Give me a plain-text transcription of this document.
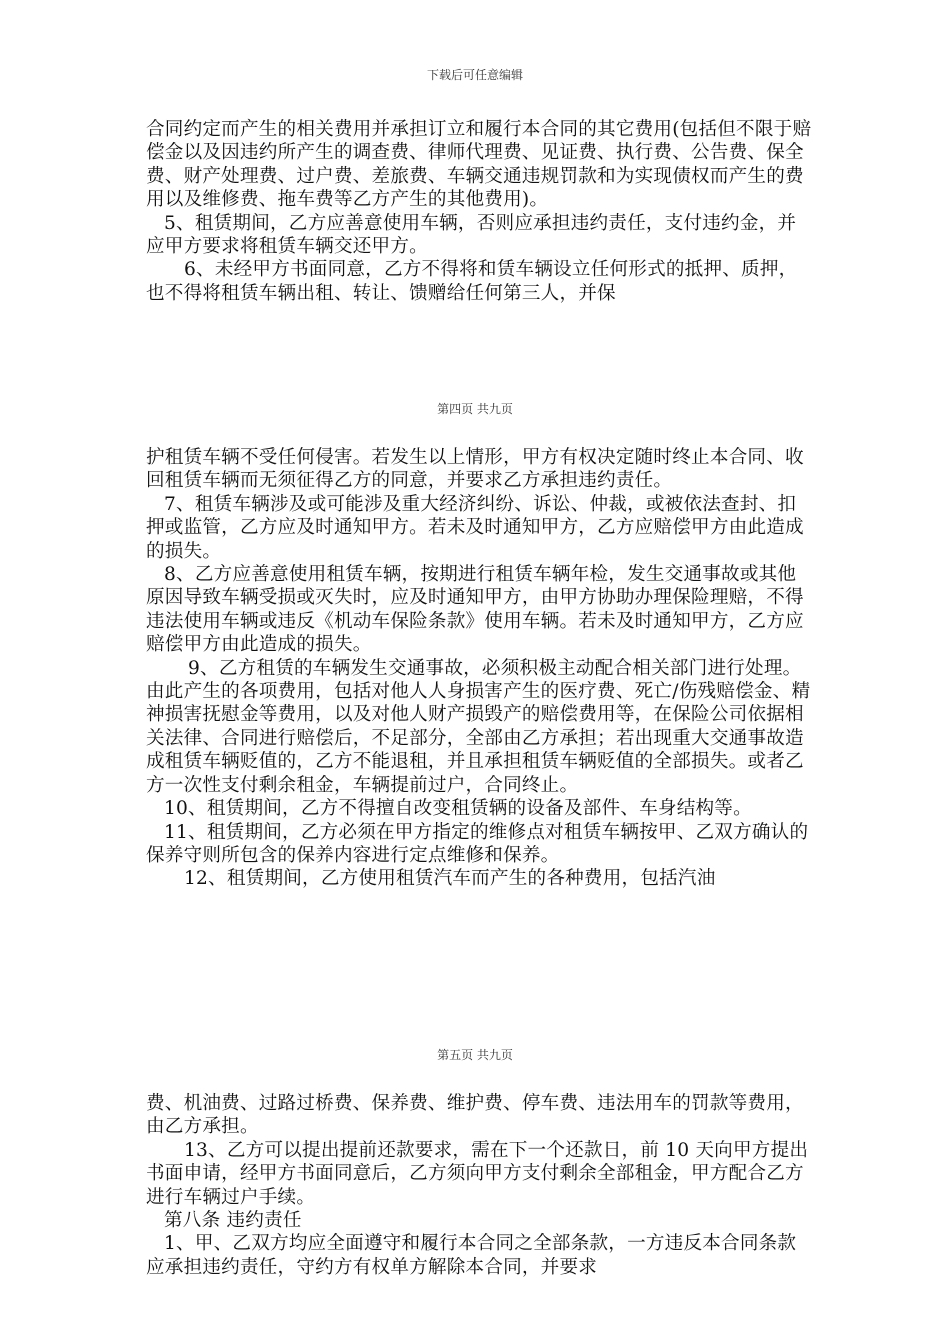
下载后可任意编辑

合同约定而产生的相关费用并承担订立和履行本合同的其它费用(包括但不限于赔偿金以及因违约所产生的调查费、律师代理费、见证费、执行费、公告费、保全费、财产处理费、过户费、差旅费、车辆交通违规罚款和为实现债权而产生的费用以及维修费、拖车费等乙方产生的其他费用)。

5、租赁期间，乙方应善意使用车辆，否则应承担违约责任，支付违约金，并应甲方要求将租赁车辆交还甲方。

6、未经甲方书面同意，乙方不得将和赁车辆设立任何形式的抵押、质押，也不得将租赁车辆出租、转让、馈赠给任何第三人，并保

第四页 共九页

护租赁车辆不受任何侵害。若发生以上情形，甲方有权决定随时终止本合同、收回租赁车辆而无须征得乙方的同意，并要求乙方承担违约责任。

7、租赁车辆涉及或可能涉及重大经济纠纷、诉讼、仲裁，或被依法查封、扣押或监管，乙方应及时通知甲方。若未及时通知甲方，乙方应赔偿甲方由此造成的损失。

8、乙方应善意使用租赁车辆，按期进行租赁车辆年检，发生交通事故或其他原因导致车辆受损或灭失时，应及时通知甲方，由甲方协助办理保险理赔，不得违法使用车辆或违反《机动车保险条款》使用车辆。若未及时通知甲方，乙方应赔偿甲方由此造成的损失。

9、乙方租赁的车辆发生交通事故，必须积极主动配合相关部门进行处理。由此产生的各项费用，包括对他人人身损害产生的医疗费、死亡/伤残赔偿金、精神损害抚慰金等费用，以及对他人财产损毁产的赔偿费用等，在保险公司依据相关法律、合同进行赔偿后，不足部分，全部由乙方承担；若出现重大交通事故造成租赁车辆贬值的，乙方不能退租，并且承担租赁车辆贬值的全部损失。或者乙方一次性支付剩余租金，车辆提前过户，合同终止。

10、租赁期间，乙方不得擅自改变租赁辆的设备及部件、车身结构等。

11、租赁期间，乙方必须在甲方指定的维修点对租赁车辆按甲、乙双方确认的保养守则所包含的保养内容进行定点维修和保养。

12、租赁期间，乙方使用租赁汽车而产生的各种费用，包括汽油

第五页 共九页

费、机油费、过路过桥费、保养费、维护费、停车费、违法用车的罚款等费用，由乙方承担。

13、乙方可以提出提前还款要求，需在下一个还款日，前 10 天向甲方提出书面申请，经甲方书面同意后，乙方须向甲方支付剩余全部租金，甲方配合乙方进行车辆过户手续。

第八条 违约责任

1、甲、乙双方均应全面遵守和履行本合同之全部条款，一方违反本合同条款应承担违约责任，守约方有权单方解除本合同，并要求
